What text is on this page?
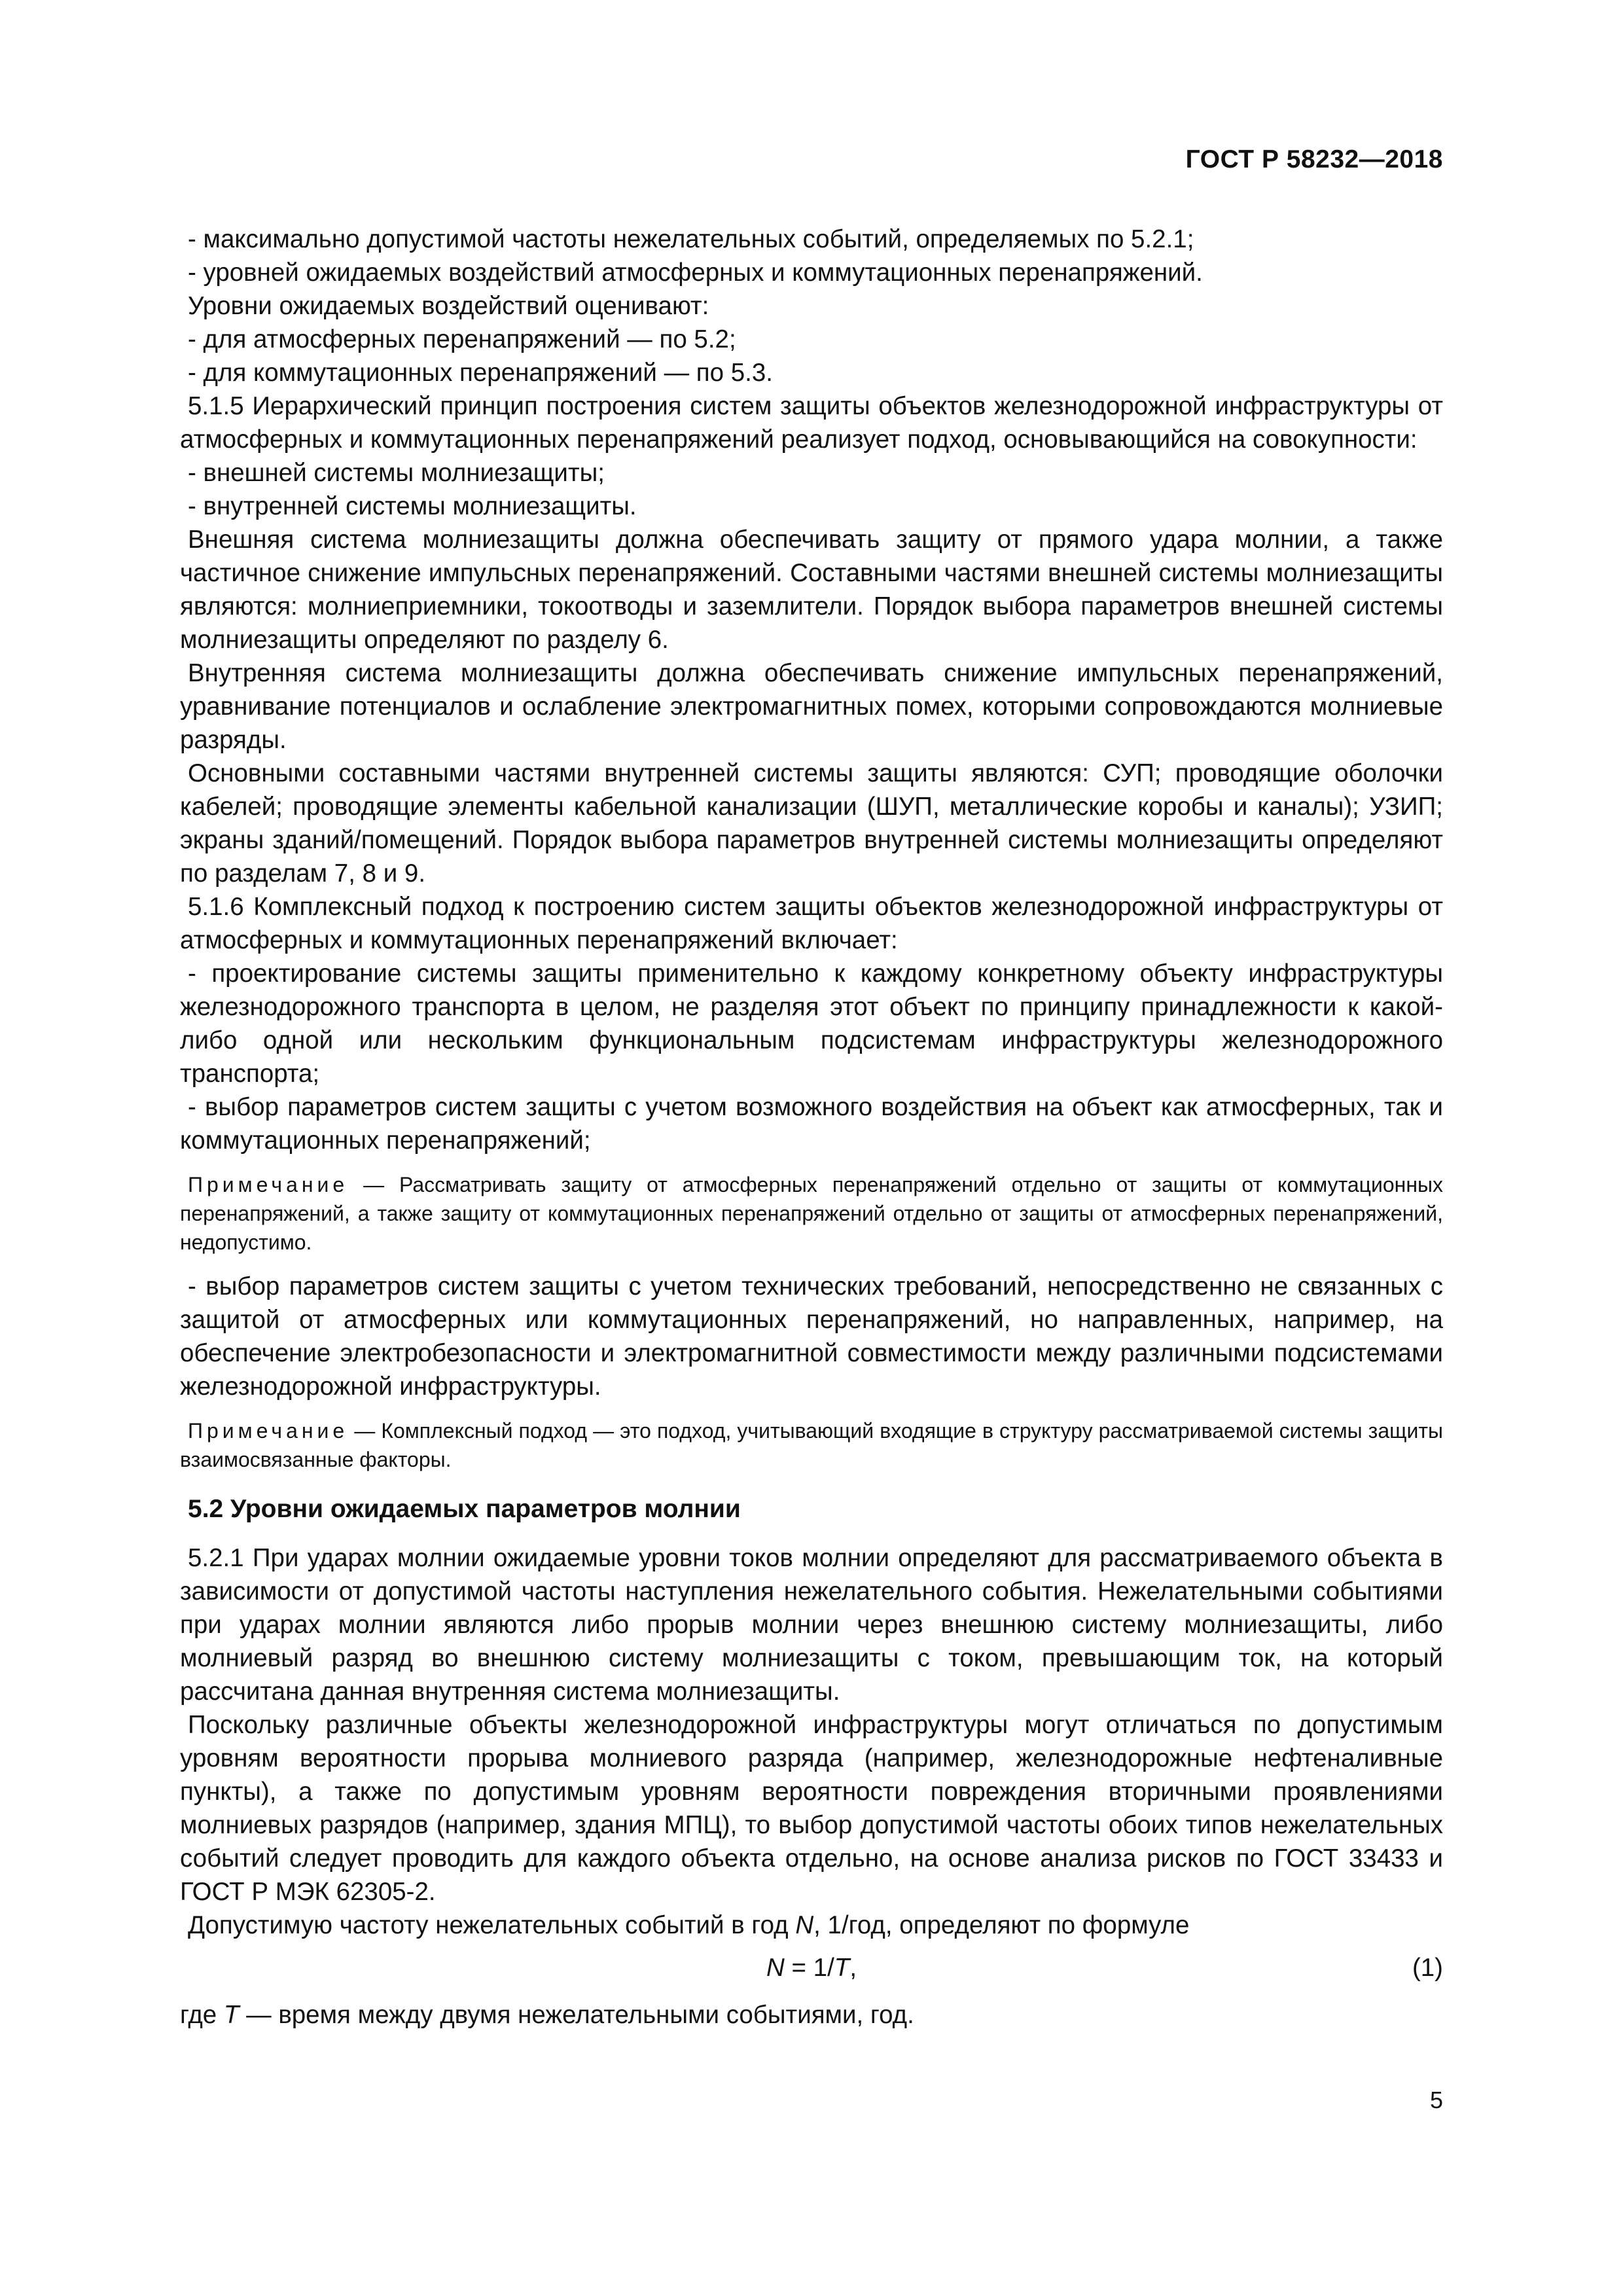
ГОСТ Р 58232—2018

- максимально допустимой частоты нежелательных событий, определяемых по 5.2.1;

- уровней ожидаемых воздействий атмосферных и коммутационных перенапряжений.

Уровни ожидаемых воздействий оценивают:

- для атмосферных перенапряжений — по 5.2;

- для коммутационных перенапряжений — по 5.3.

5.1.5 Иерархический принцип построения систем защиты объектов железнодорожной инфраструктуры от атмосферных и коммутационных перенапряжений реализует подход, основывающийся на совокупности:

- внешней системы молниезащиты;

- внутренней системы молниезащиты.

Внешняя система молниезащиты должна обеспечивать защиту от прямого удара молнии, а также частичное снижение импульсных перенапряжений. Составными частями внешней системы молниезащиты являются: молниеприемники, токоотводы и заземлители. Порядок выбора параметров внешней системы молниезащиты определяют по разделу 6.

Внутренняя система молниезащиты должна обеспечивать снижение импульсных перенапряжений, уравнивание потенциалов и ослабление электромагнитных помех, которыми сопровождаются молниевые разряды.

Основными составными частями внутренней системы защиты являются: СУП; проводящие оболочки кабелей; проводящие элементы кабельной канализации (ШУП, металлические коробы и каналы); УЗИП; экраны зданий/помещений. Порядок выбора параметров внутренней системы молниезащиты определяют по разделам 7, 8 и 9.

5.1.6 Комплексный подход к построению систем защиты объектов железнодорожной инфраструктуры от атмосферных и коммутационных перенапряжений включает:

- проектирование системы защиты применительно к каждому конкретному объекту инфраструктуры железнодорожного транспорта в целом, не разделяя этот объект по принципу принадлежности к какой-либо одной или нескольким функциональным подсистемам инфраструктуры железнодорожного транспорта;

- выбор параметров систем защиты с учетом возможного воздействия на объект как атмосферных, так и коммутационных перенапряжений;

Примечание — Рассматривать защиту от атмосферных перенапряжений отдельно от защиты от коммутационных перенапряжений, а также защиту от коммутационных перенапряжений отдельно от защиты от атмосферных перенапряжений, недопустимо.

- выбор параметров систем защиты с учетом технических требований, непосредственно не связанных с защитой от атмосферных или коммутационных перенапряжений, но направленных, например, на обеспечение электробезопасности и электромагнитной совместимости между различными подсистемами железнодорожной инфраструктуры.

Примечание — Комплексный подход — это подход, учитывающий входящие в структуру рассматриваемой системы защиты взаимосвязанные факторы.

5.2 Уровни ожидаемых параметров молнии

5.2.1 При ударах молнии ожидаемые уровни токов молнии определяют для рассматриваемого объекта в зависимости от допустимой частоты наступления нежелательного события. Нежелательными событиями при ударах молнии являются либо прорыв молнии через внешнюю систему молниезащиты, либо молниевый разряд во внешнюю систему молниезащиты с током, превышающим ток, на который рассчитана данная внутренняя система молниезащиты.

Поскольку различные объекты железнодорожной инфраструктуры могут отличаться по допустимым уровням вероятности прорыва молниевого разряда (например, железнодорожные нефтеналивные пункты), а также по допустимым уровням вероятности повреждения вторичными проявлениями молниевых разрядов (например, здания МПЦ), то выбор допустимой частоты обоих типов нежелательных событий следует проводить для каждого объекта отдельно, на основе анализа рисков по ГОСТ 33433 и ГОСТ Р МЭК 62305-2.

Допустимую частоту нежелательных событий в год N, 1/год, определяют по формуле

N = 1/T,	(1)

где T — время между двумя нежелательными событиями, год.

5
